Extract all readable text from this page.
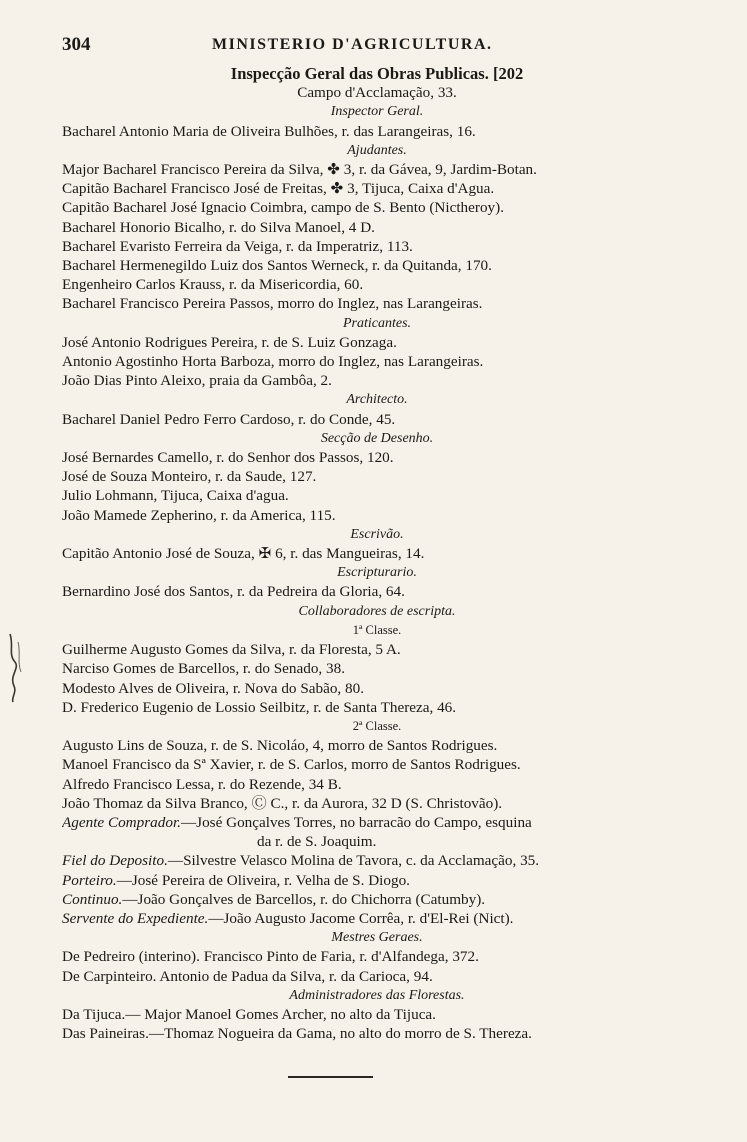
304	MINISTERIO D'AGRICULTURA.

Inspecção Geral das Obras Publicas. [202

Campo d'Acclamação, 33.

Inspector Geral.

Bacharel Antonio Maria de Oliveira Bulhões, r. das Larangeiras, 16.

Ajudantes.

Major Bacharel Francisco Pereira da Silva, ✤ 3, r. da Gávea, 9, Jardim-Botan.

Capitão Bacharel Francisco José de Freitas, ✤ 3, Tijuca, Caixa d'Agua.

Capitão Bacharel José Ignacio Coimbra, campo de S. Bento (Nictheroy).

Bacharel Honorio Bicalho, r. do Silva Manoel, 4 D.

Bacharel Evaristo Ferreira da Veiga, r. da Imperatriz, 113.

Bacharel Hermenegildo Luiz dos Santos Werneck, r. da Quitanda, 170.

Engenheiro Carlos Krauss, r. da Misericordia, 60.

Bacharel Francisco Pereira Passos, morro do Inglez, nas Larangeiras.

Praticantes.

José Antonio Rodrigues Pereira, r. de S. Luiz Gonzaga.

Antonio Agostinho Horta Barboza, morro do Inglez, nas Larangeiras.

João Dias Pinto Aleixo, praia da Gambôa, 2.

Architecto.

Bacharel Daniel Pedro Ferro Cardoso, r. do Conde, 45.

Secção de Desenho.

José Bernardes Camello, r. do Senhor dos Passos, 120.

José de Souza Monteiro, r. da Saude, 127.

Julio Lohmann, Tijuca, Caixa d'agua.

João Mamede Zepherino, r. da America, 115.

Escrivão.

Capitão Antonio José de Souza, ✠ 6, r. das Mangueiras, 14.

Escripturario.

Bernardino José dos Santos, r. da Pedreira da Gloria, 64.

Collaboradores de escripta.

1ª Classe.

Guilherme Augusto Gomes da Silva, r. da Floresta, 5 A.

Narciso Gomes de Barcellos, r. do Senado, 38.

Modesto Alves de Oliveira, r. Nova do Sabão, 80.

D. Frederico Eugenio de Lossio Seilbitz, r. de Santa Thereza, 46.

2ª Classe.

Augusto Lins de Souza, r. de S. Nicoláo, 4, morro de Santos Rodrigues.

Manoel Francisco da Sª Xavier, r. de S. Carlos, morro de Santos Rodrigues.

Alfredo Francisco Lessa, r. do Rezende, 34 B.

João Thomaz da Silva Branco, Ⓒ C., r. da Aurora, 32 D (S. Christovão).

Agente Comprador.—José Gonçalves Torres, no barracão do Campo, esquina

da r. de S. Joaquim.

Fiel do Deposito.—Silvestre Velasco Molina de Tavora, c. da Acclamação, 35.

Porteiro.—José Pereira de Oliveira, r. Velha de S. Diogo.

Continuo.—João Gonçalves de Barcellos, r. do Chichorra (Catumby).

Servente do Expediente.—João Augusto Jacome Corrêa, r. d'El-Rei (Nict).

Mestres Geraes.

De Pedreiro (interino). Francisco Pinto de Faria, r. d'Alfandega, 372.

De Carpinteiro. Antonio de Padua da Silva, r. da Carioca, 94.

Administradores das Florestas.

Da Tijuca.— Major Manoel Gomes Archer, no alto da Tijuca.

Das Paineiras.—Thomaz Nogueira da Gama, no alto do morro de S. Thereza.
